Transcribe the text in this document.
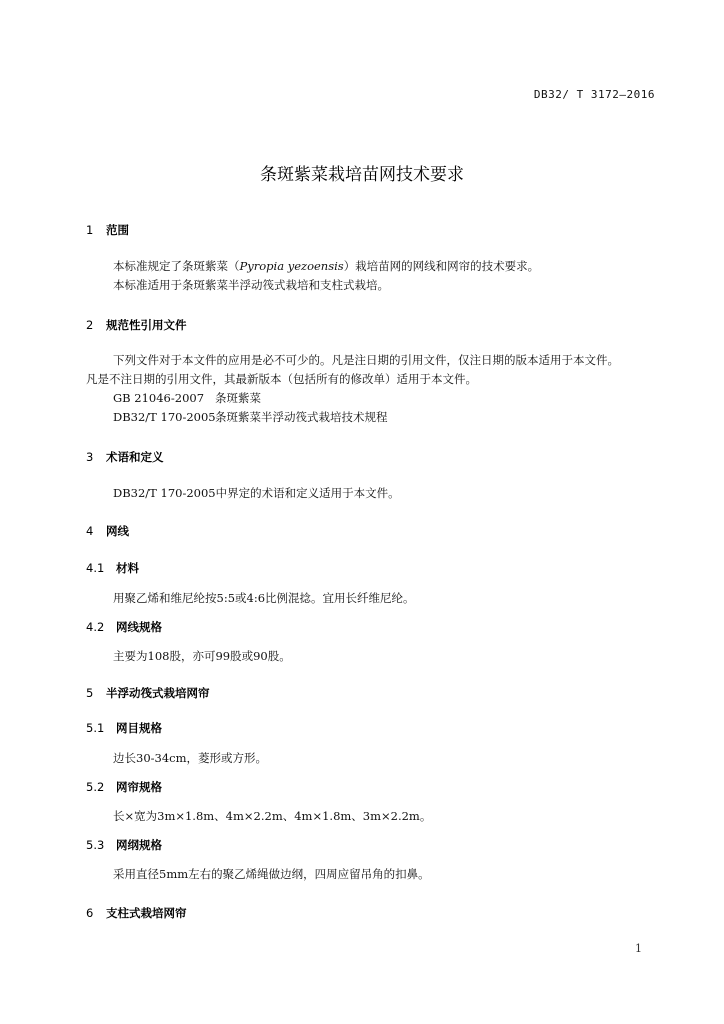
DB32/ T 3172—2016
条斑紫菜栽培苗网技术要求
1 范围
本标准规定了条斑紫菜（Pyropia yezoensis）栽培苗网的网线和网帘的技术要求。
本标准适用于条斑紫菜半浮动筏式栽培和支柱式栽培。
2 规范性引用文件
下列文件对于本文件的应用是必不可少的。凡是注日期的引用文件，仅注日期的版本适用于本文件。
凡是不注日期的引用文件，其最新版本（包括所有的修改单）适用于本文件。
GB 21046-2007 条斑紫菜
DB32/T 170-2005条斑紫菜半浮动筏式栽培技术规程
3 术语和定义
DB32/T 170-2005中界定的术语和定义适用于本文件。
4 网线
4.1 材料
用聚乙烯和维尼纶按5:5或4:6比例混捻。宜用长纤维尼纶。
4.2 网线规格
主要为108股，亦可99股或90股。
5 半浮动筏式栽培网帘
5.1 网目规格
边长30-34cm，菱形或方形。
5.2 网帘规格
长×宽为3m×1.8m、4m×2.2m、4m×1.8m、3m×2.2m。
5.3 网纲规格
采用直径5mm左右的聚乙烯绳做边纲，四周应留吊角的扣鼻。
6 支柱式栽培网帘
1
